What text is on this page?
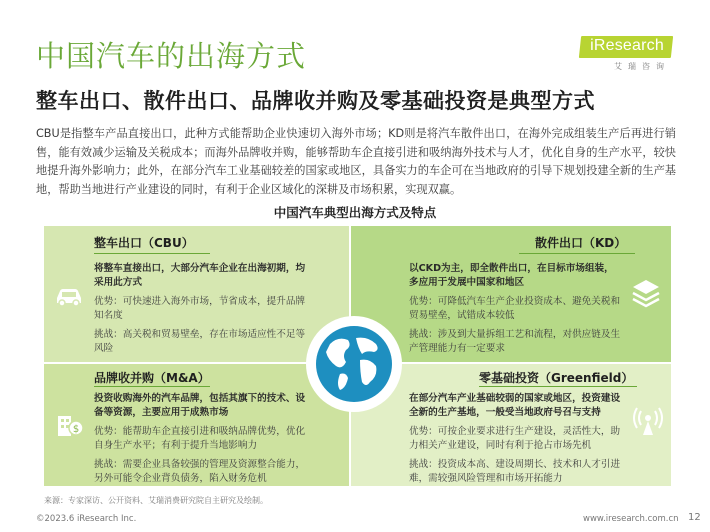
中国汽车的出海方式
整车出口、散件出口、品牌收并购及零基础投资是典型方式
iResearch
艾瑞咨询
CBU是指整车产品直接出口，此种方式能帮助企业快速切入海外市场；KD则是将汽车散件出口，在海外完成组装生产后再进行销售，能有效减少运输及关税成本；而海外品牌收并购，能够帮助车企直接引进和吸纳海外技术与人才，优化自身的生产水平，较快地提升海外影响力；此外，在部分汽车工业基础较差的国家或地区，具备实力的车企可在当地政府的引导下规划投建全新的生产基地，帮助当地进行产业建设的同时，有利于企业区域化的深耕及市场积累，实现双赢。
中国汽车典型出海方式及特点
整车出口（CBU）

将整车直接出口，大部分汽车企业在出海初期，均采用此方式

优势：可快速进入海外市场，节省成本，提升品牌知名度

挑战：高关税和贸易壁垒，存在市场适应性不足等风险

散件出口（KD）

以CKD为主，即全散件出口，在目标市场组装，多应用于发展中国家和地区

优势：可降低汽车生产企业投资成本、避免关税和贸易壁垒，试错成本较低

挑战：涉及到大量拆组工艺和流程，对供应链及生产管理能力有一定要求

品牌收并购（M&A）
$

投资收购海外的汽车品牌，包括其旗下的技术、设备等资源，主要应用于成熟市场

优势：能帮助车企直接引进和吸纳品牌优势，优化自身生产水平；有利于提升当地影响力

挑战：需要企业具备较强的管理及资源整合能力，另外可能令企业背负债务，陷入财务危机

零基础投资（Greenfield）

在部分汽车产业基础较弱的国家或地区，投资建设全新的生产基地，一般受当地政府号召与支持

优势：可按企业要求进行生产建设，灵活性大，助力相关产业建设，同时有利于抢占市场先机

挑战：投资成本高、建设周期长、技术和人才引进难，需较强风险管理和市场开拓能力

来源：专家深访、公开资料、艾瑞消费研究院自主研究及绘制。
©2023.6 iResearch Inc.	www.iresearch.com.cn 12
